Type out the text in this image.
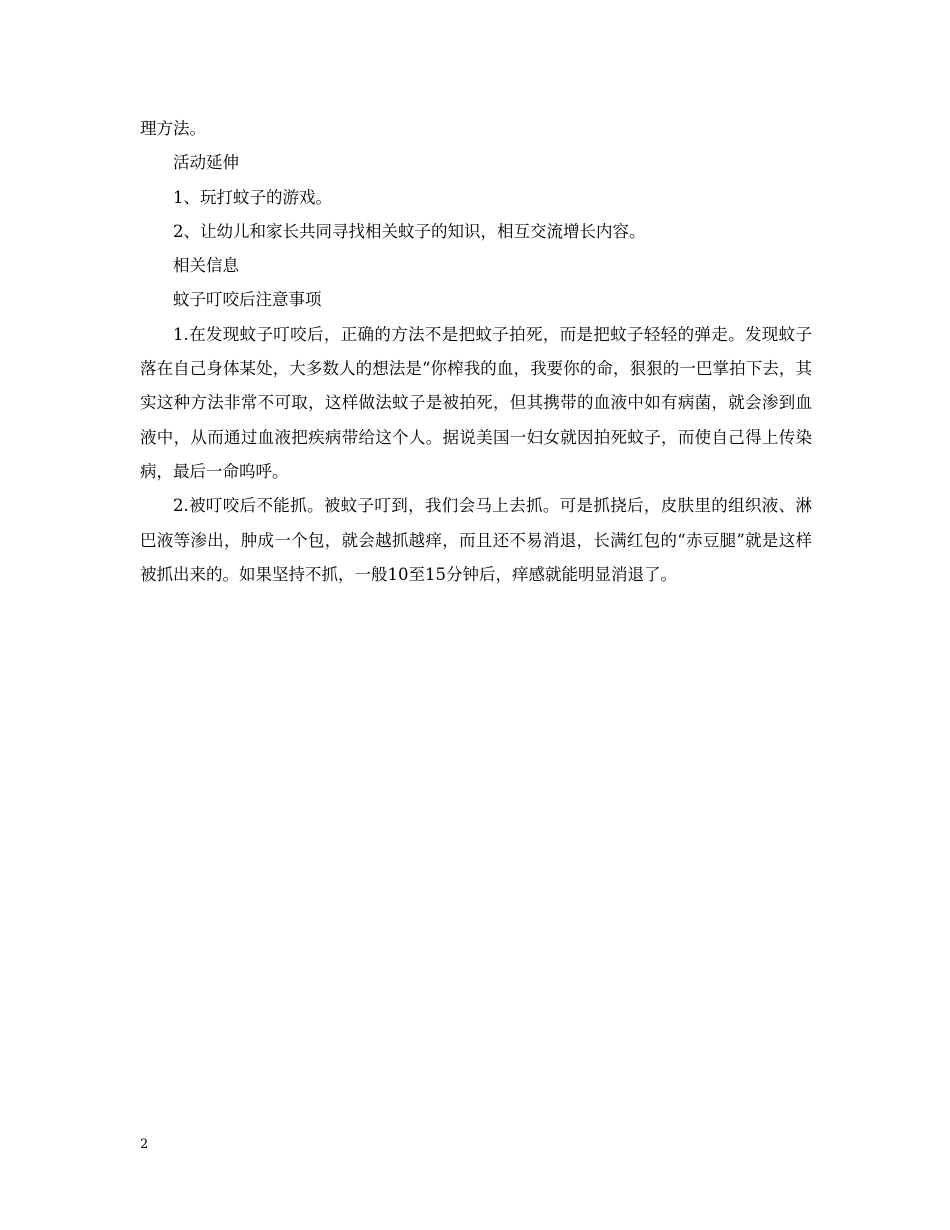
理方法。

活动延伸

1、玩打蚊子的游戏。

2、让幼儿和家长共同寻找相关蚊子的知识，相互交流增长内容。

相关信息

蚊子叮咬后注意事项

1.在发现蚊子叮咬后，正确的方法不是把蚊子拍死，而是把蚊子轻轻的弹走。发现蚊子落在自己身体某处，大多数人的想法是“你榨我的血，我要你的命，狠狠的一巴掌拍下去，其实这种方法非常不可取，这样做法蚊子是被拍死，但其携带的血液中如有病菌，就会渗到血液中，从而通过血液把疾病带给这个人。据说美国一妇女就因拍死蚊子，而使自己得上传染病，最后一命呜呼。

2.被叮咬后不能抓。被蚊子叮到，我们会马上去抓。可是抓挠后，皮肤里的组织液、淋巴液等渗出，肿成一个包，就会越抓越痒，而且还不易消退，长满红包的“赤豆腿”就是这样被抓出来的。如果坚持不抓，一般10至15分钟后，痒感就能明显消退了。

2
